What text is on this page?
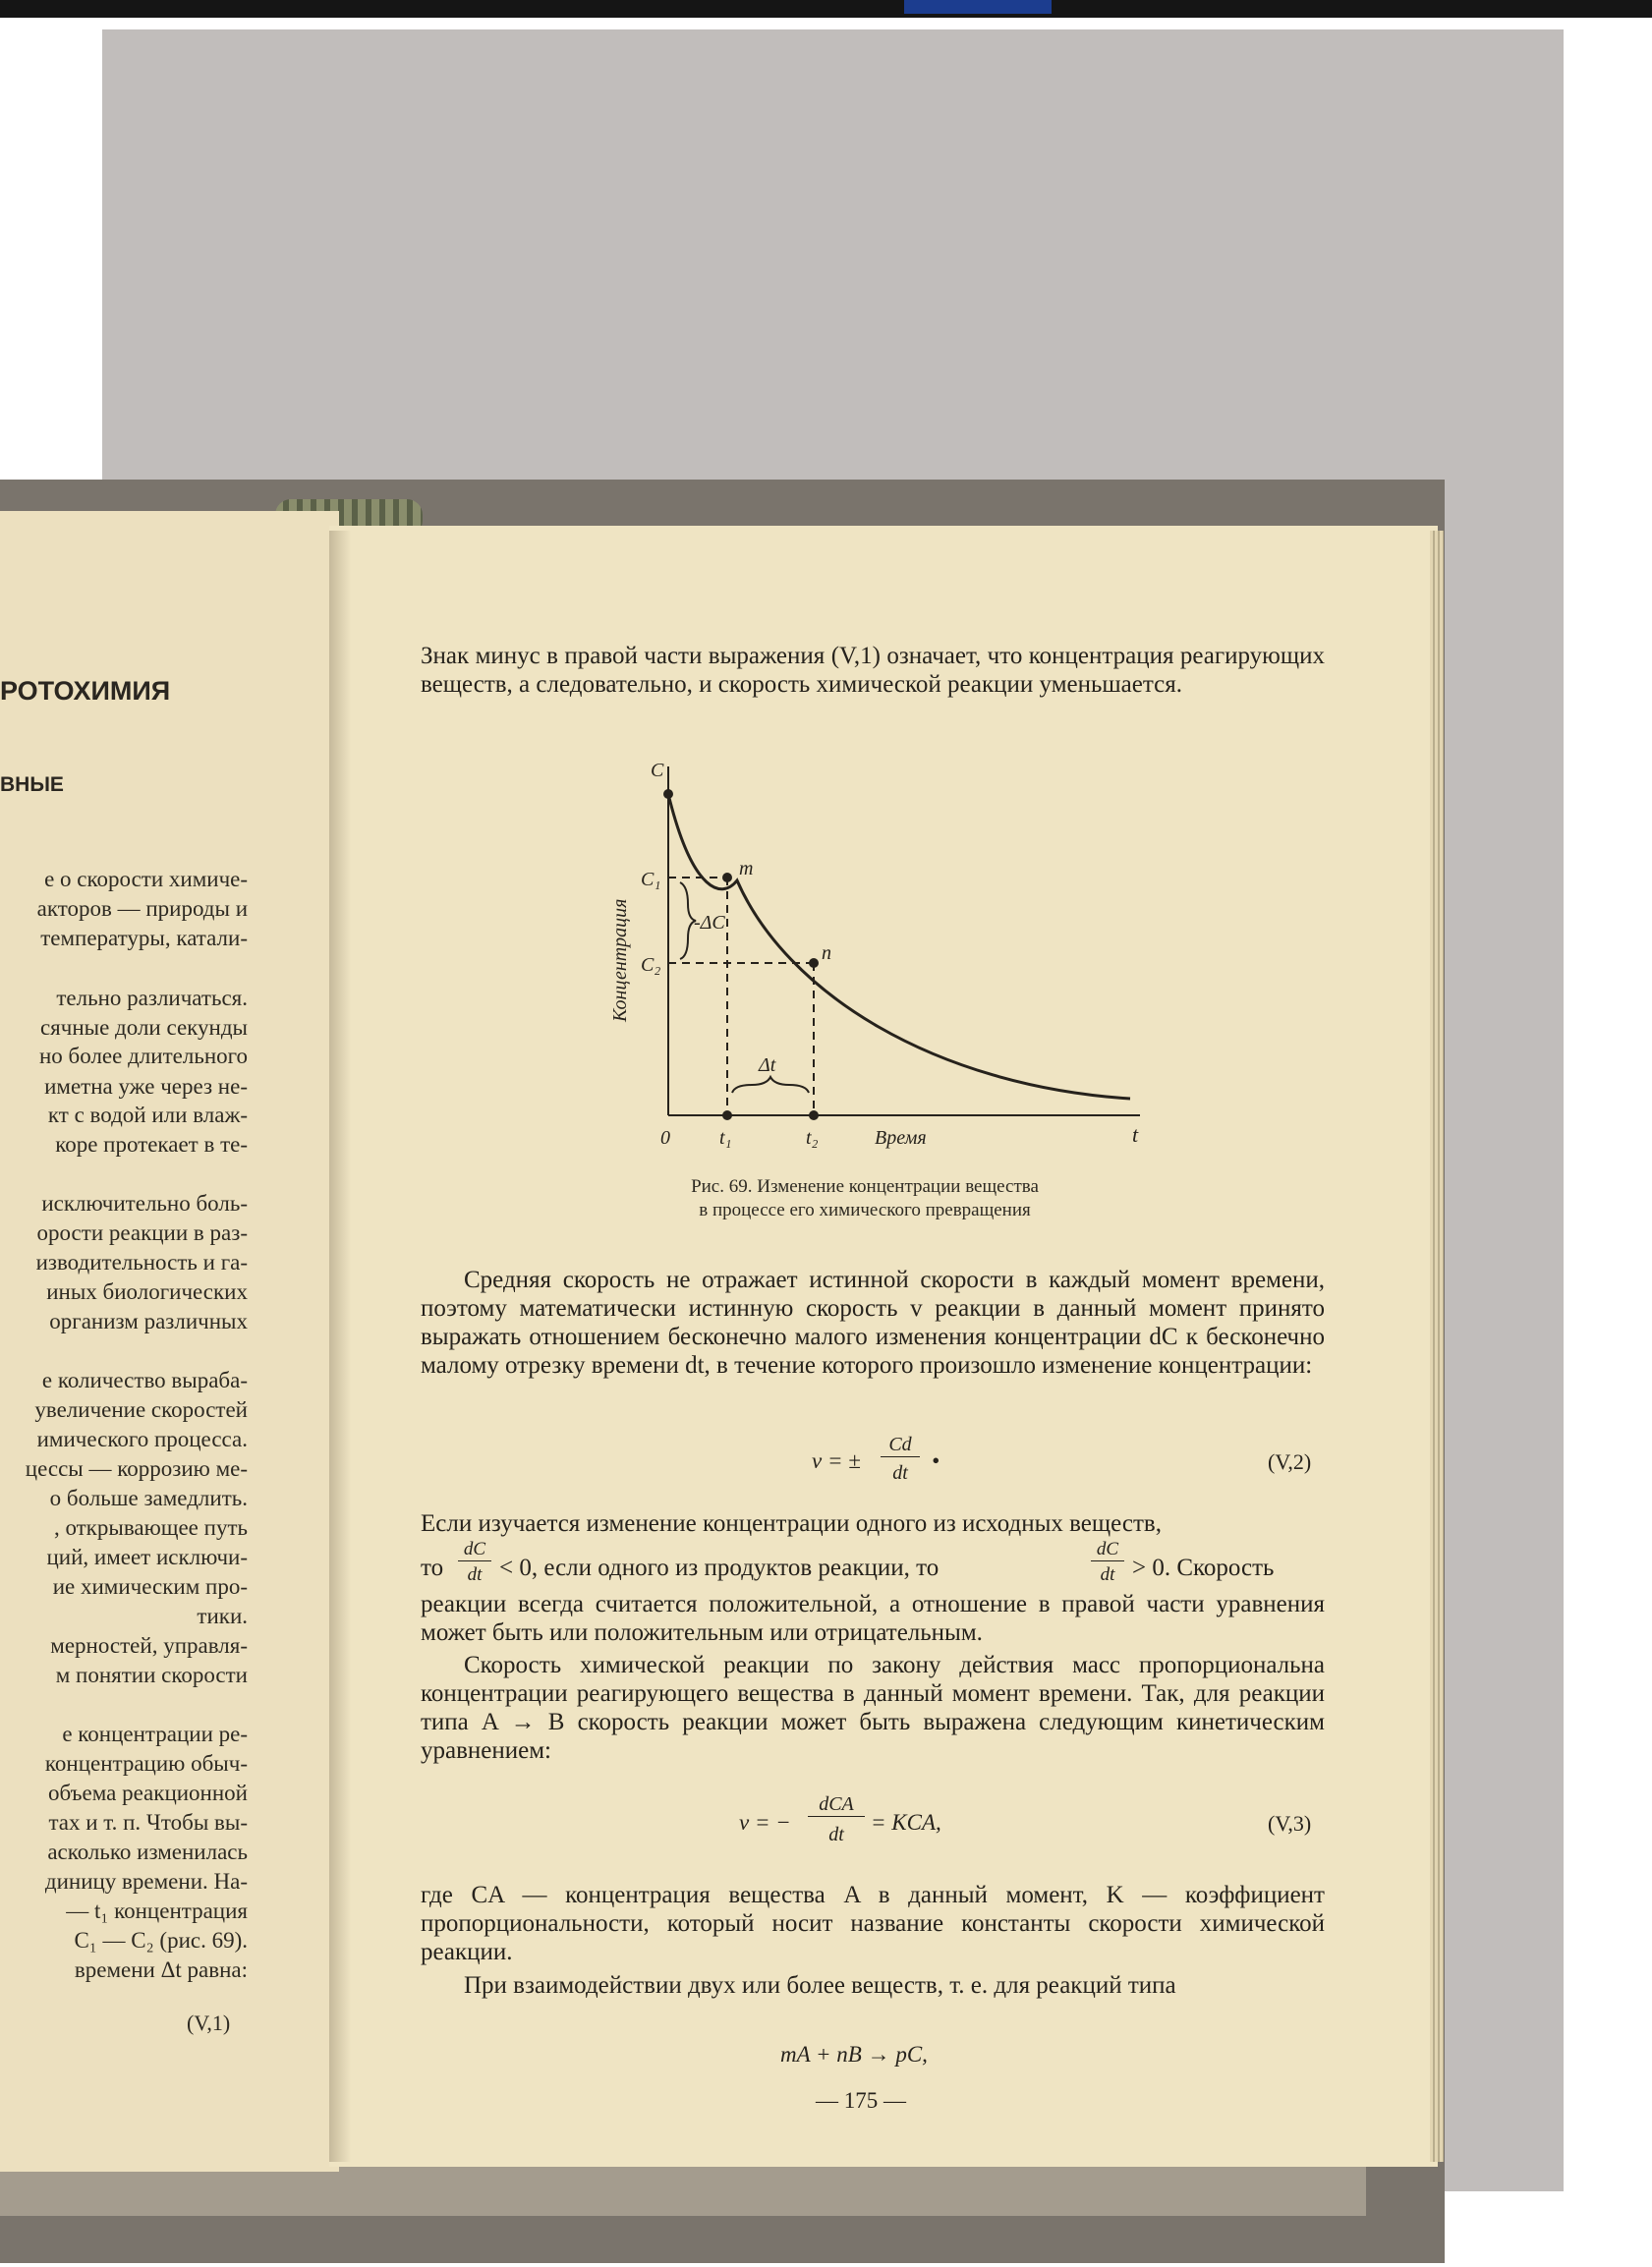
РОТОХИМИЯ
ВНЫЕ
е о скорости химиче-
акторов — природы и
температуры, катали-
тельно различаться.
сячные доли секунды
но более длительного
иметна уже через не-
кт с водой или влаж-
коре протекает в те-
исключительно боль-
орости реакции в раз-
изводительность и га-
иных биологических
организм различных
е количество выраба-
увеличение скоростей
имического процесса.
цессы — коррозию ме-
о больше замедлить.
, открывающее путь
ций, имеет исключи-
ие химическим про-
тики.
мерностей, управля-
м понятии скорости
е концентрации ре-
концентрацию обыч-
объема реакционной
тах и т. п. Чтобы вы-
асколько изменилась
диницу времени. На-
— t₁ концентрация
C₁ — C₂ (рис. 69).
времени Δt равна:
(V,1)
Знак минус в правой части выражения (V,1) означает, что концентрация реагирующих веществ, а следовательно, и скорость химической реакции уменьшается.
C
C₁
C₂
-ΔC
m
n
Δt
0	t₁	t₂	t
Время
Концентрация
Рис. 69. Изменение концентрации вещества
в процессе его химического превращения
Средняя скорость не отражает истинной скорости в каждый момент времени, поэтому математически истинную скорость v реакции в данный момент принято выражать отношением бесконечно малого изменения концентрации dC к бесконечно малому отрезку времени dt, в течение которого произошло изменение концентрации:
v = ±
Cd
dt	•	(V,2)
Если изучается изменение концентрации одного из исходных веществ,
то
dC
dt < 0, если одного из продуктов реакции, то
dC
dt > 0. Скорость
реакции всегда считается положительной, а отношение в правой части уравнения может быть или положительным или отрицательным.
Скорость химической реакции по закону действия масс пропорциональна концентрации реагирующего вещества в данный момент времени. Так, для реакции типа A → B скорость реакции может быть выражена следующим кинетическим уравнением:
v = −
dCA
dt	= KCA,	(V,3)
где CA — концентрация вещества A в данный момент, K — коэффициент пропорциональности, который носит название константы скорости химической реакции.
При взаимодействии двух или более веществ, т. е. для реакций типа
mA + nB → pC,
— 175 —
